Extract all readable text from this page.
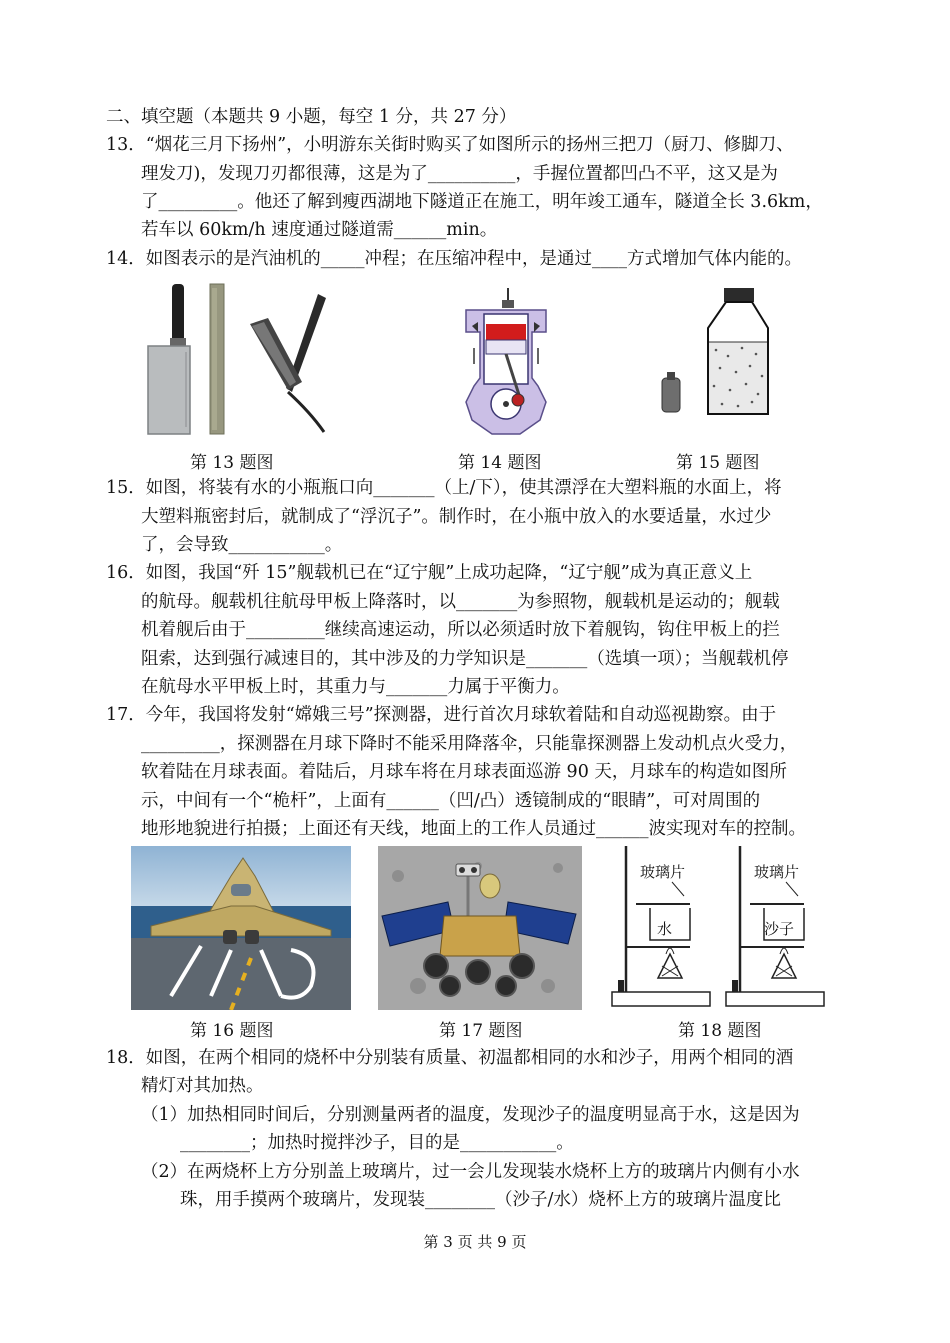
二、填空题（本题共 9 小题，每空 1 分，共 27 分）
13．“烟花三月下扬州”，小明游东关街时购买了如图所示的扬州三把刀（厨刀、修脚刀、
理发刀)，发现刀刃都很薄，这是为了__________，手握位置都凹凸不平，这又是为
了_________。他还了解到瘦西湖地下隧道正在施工，明年竣工通车，隧道全长 3.6km，
若车以 60km/h 速度通过隧道需______min。
14．如图表示的是汽油机的_____冲程；在压缩冲程中，是通过____方式增加气体内能的。
第 13 题图	第 14 题图	第 15 题图
15．如图，将装有水的小瓶瓶口向_______（上/下），使其漂浮在大塑料瓶的水面上，将
大塑料瓶密封后，就制成了“浮沉子”。制作时，在小瓶中放入的水要适量，水过少
了，会导致___________。
16．如图，我国“歼 15”舰载机已在“辽宁舰”上成功起降，“辽宁舰”成为真正意义上
的航母。舰载机往航母甲板上降落时，以_______为参照物，舰载机是运动的；舰载
机着舰后由于_________继续高速运动，所以必须适时放下着舰钩，钩住甲板上的拦
阻索，达到强行减速目的，其中涉及的力学知识是_______（选填一项）；当舰载机停
在航母水平甲板上时，其重力与_______力属于平衡力。
17．今年，我国将发射“嫦娥三号”探测器，进行首次月球软着陆和自动巡视勘察。由于
_________，探测器在月球下降时不能采用降落伞，只能靠探测器上发动机点火受力，
软着陆在月球表面。着陆后，月球车将在月球表面巡游 90 天，月球车的构造如图所
示，中间有一个“桅杆”，上面有______（凹/凸）透镜制成的“眼睛”，可对周围的
地形地貌进行拍摄；上面还有天线，地面上的工作人员通过______波实现对车的控制。
第 16 题图	第 17 题图
玻璃片	玻璃片
水	沙子
第 18 题图
18．如图，在两个相同的烧杯中分别装有质量、初温都相同的水和沙子，用两个相同的酒
精灯对其加热。
（1）加热相同时间后，分别测量两者的温度，发现沙子的温度明显高于水，这是因为
________；加热时搅拌沙子，目的是___________。
（2）在两烧杯上方分别盖上玻璃片，过一会儿发现装水烧杯上方的玻璃片内侧有小水
珠，用手摸两个玻璃片，发现装________（沙子/水）烧杯上方的玻璃片温度比
第 3 页 共 9 页
